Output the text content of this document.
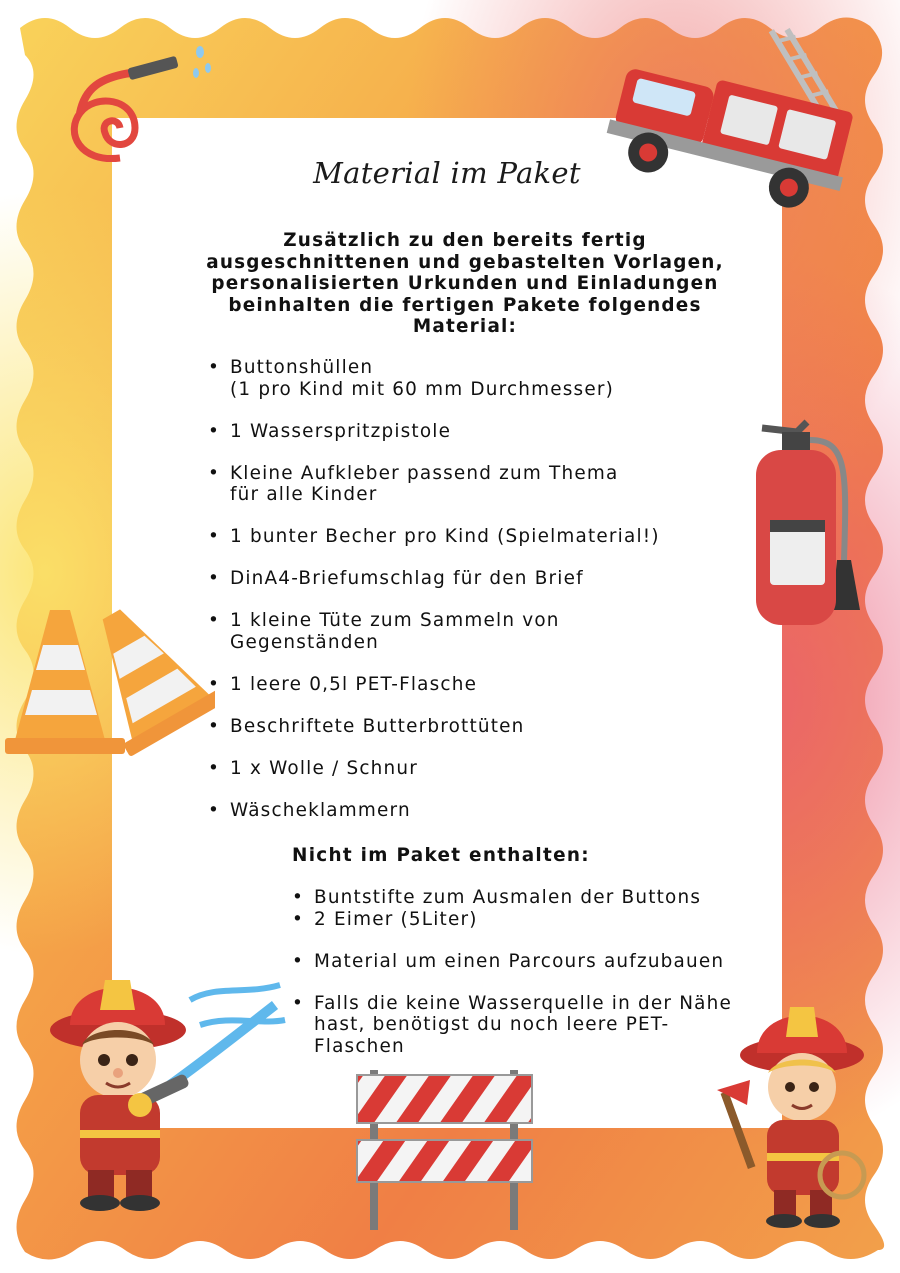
Material im Paket

Zusätzlich zu den bereits fertig ausgeschnittenen und gebastelten Vorlagen, personalisierten Urkunden und Einladungen beinhalten die fertigen Pakete folgendes Material:

• Buttonshüllen
(1 pro Kind mit 60 mm Durchmesser)
• 1 Wasserspritzpistole
• Kleine Aufkleber passend zum Thema
für alle Kinder
• 1 bunter Becher pro Kind (Spielmaterial!)
• DinA4-Briefumschlag für den Brief
• 1 kleine Tüte zum Sammeln von
Gegenständen
• 1 leere 0,5l PET-Flasche
• Beschriftete Butterbrottüten
• 1 x Wolle / Schnur
• Wäscheklammern
Nicht im Paket enthalten:
• Buntstifte zum Ausmalen der Buttons
• 2 Eimer (5Liter)
• Material um einen Parcours aufzubauen
• Falls die keine Wasserquelle in der Nähe hast, benötigst du noch leere PET-Flaschen
